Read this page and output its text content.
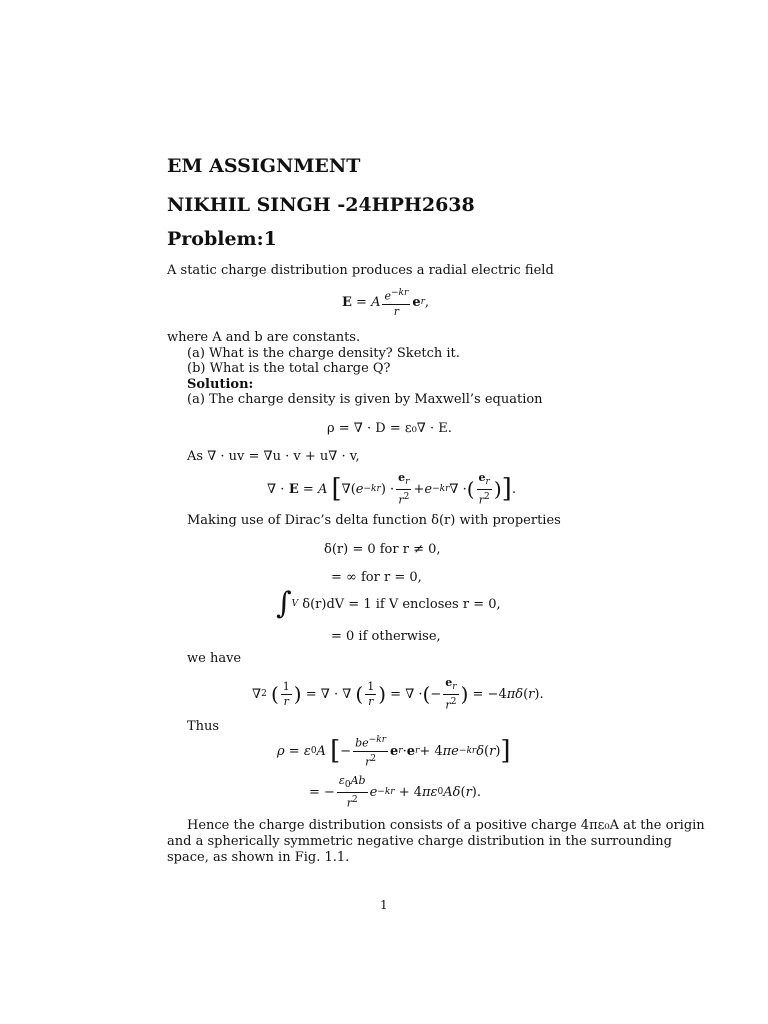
EM ASSIGNMENT
NIKHIL SINGH -24HPH2638
Problem:1
A static charge distribution produces a radial electric field
E = A $\frac{e^{-kr}}{r}$ e r ,
where A and b are constants.
(a) What is the charge density? Sketch it.
(b) What is the total charge Q?
Solution:
(a) The charge density is given by Maxwell’s equation
ρ = ∇ · D = ε₀∇ · E.
As ∇ · uv = ∇u · v + u∇ · v,
∇ · E = A
[ ∇( e −kr ) · $\frac{e_r}{r^2} + e -kr$ ∇ · ( $\frac{e_r}{r^2}$ ) ] .
Making use of Dirac’s delta function δ(r) with properties
δ(r) = 0 for r ≠ 0,
= ∞ for r = 0,
∫ V
δ(r)dV = 1 if V encloses r = 0,
= 0 if otherwise,
we have
∇ 2
( $\frac{1}{r}$ ) = ∇ · ∇ ( $\frac{1}{r}$ ) = ∇ · ( − $\frac{e_r}{r^2}$ ) = −4 π δ ( r ).
Thus
ρ = ε 0 A
[ − $\frac{be^{-kr}}{r^2}$ e r · e r + 4 πe −kr δ ( r ) ]
= − $\frac{\varepsilon_0Ab}{r^2}$ e −kr + 4 πε 0 Aδ ( r ).
Hence the charge distribution consists of a positive charge 4πε₀A at the origin
and a spherically symmetric negative charge distribution in the surrounding
space, as shown in Fig. 1.1.
1
